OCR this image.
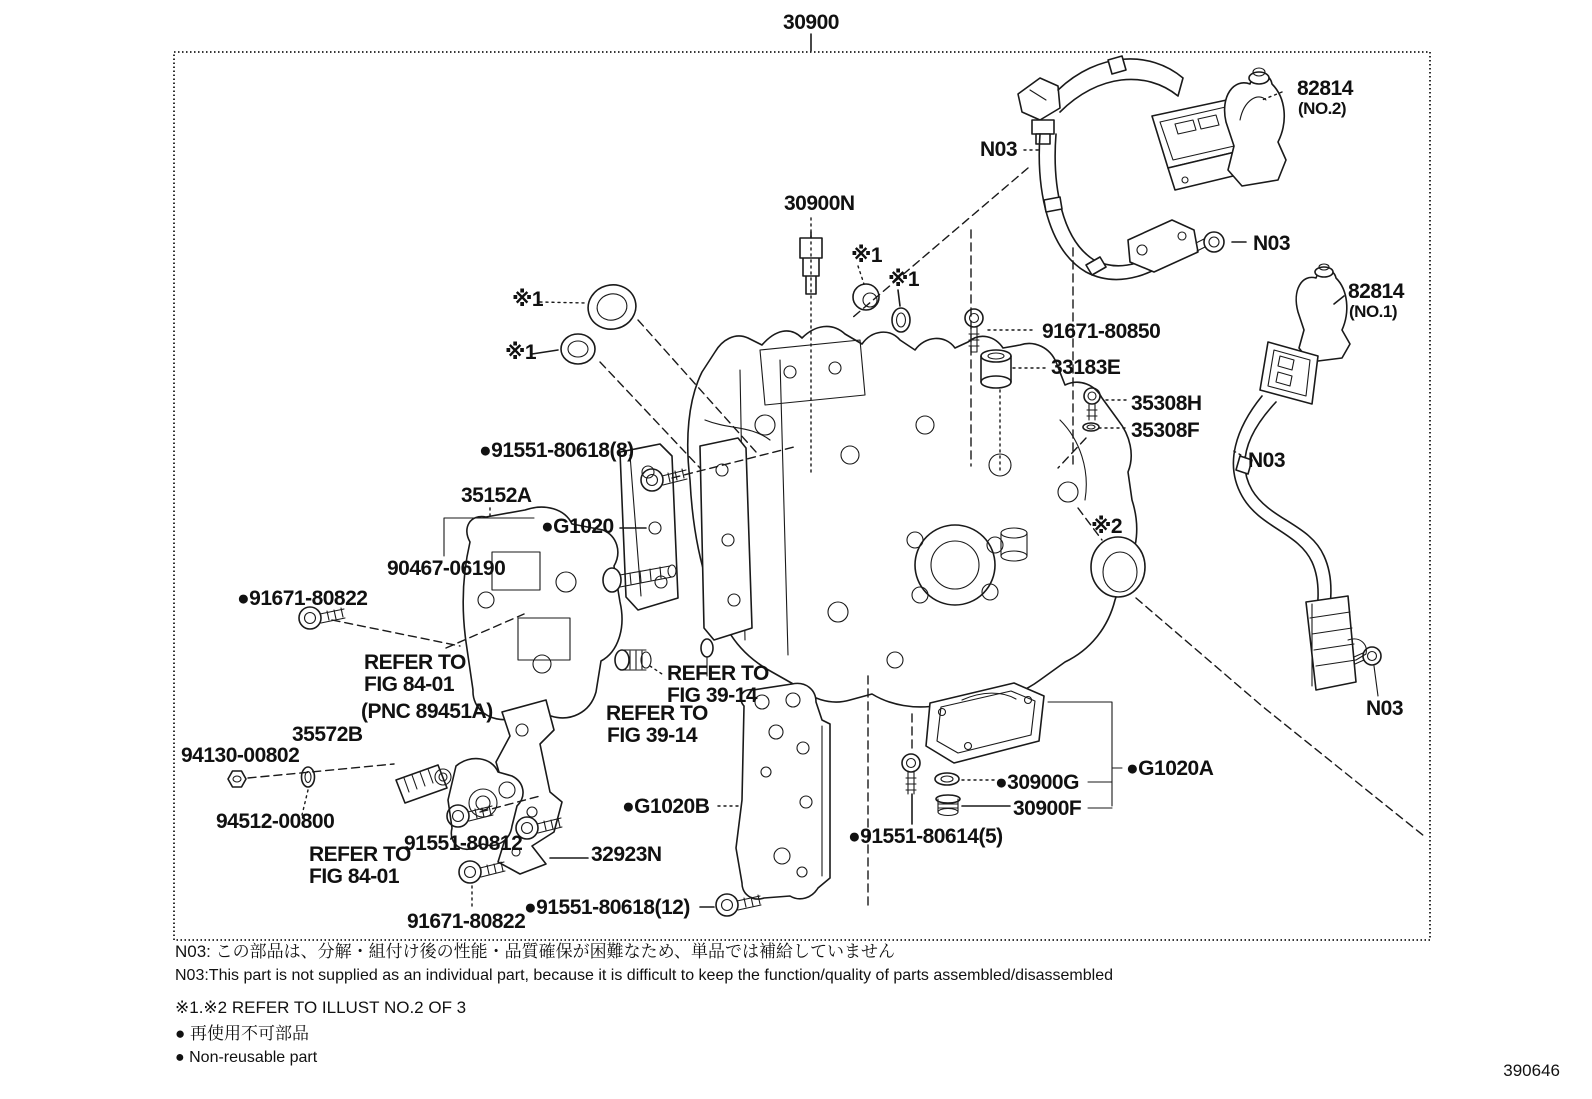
30900
82814
(NO.2)
N03
30900N
N03
※1
※1
※1
※1
91671-80850
82814
(NO.1)
33183E
35308H
35308F
N03
●91551-80618(8)
35152A
●G1020
90467-06190
●91671-80822
※2
REFER TO
FIG 84-01
(PNC 89451A)
REFER TO
FIG 39-14
REFER TO
FIG 39-14
35572B
94130-00802
94512-00800
REFER TO
FIG 84-01
91551-80812	32923N
●G1020B
91671-80822
●91551-80618(12)
●91551-80614(5)
●30900G
30900F
●G1020A
N03
N03: この部品は、分解・組付け後の性能・品質確保が困難なため、単品では補給していません
N03:This part is not supplied as an individual part, because it is difficult to keep the function/quality of parts assembled/disassembled
※1.※2 REFER TO ILLUST NO.2 OF 3
● 再使用不可部品
● Non-reusable part
390646
